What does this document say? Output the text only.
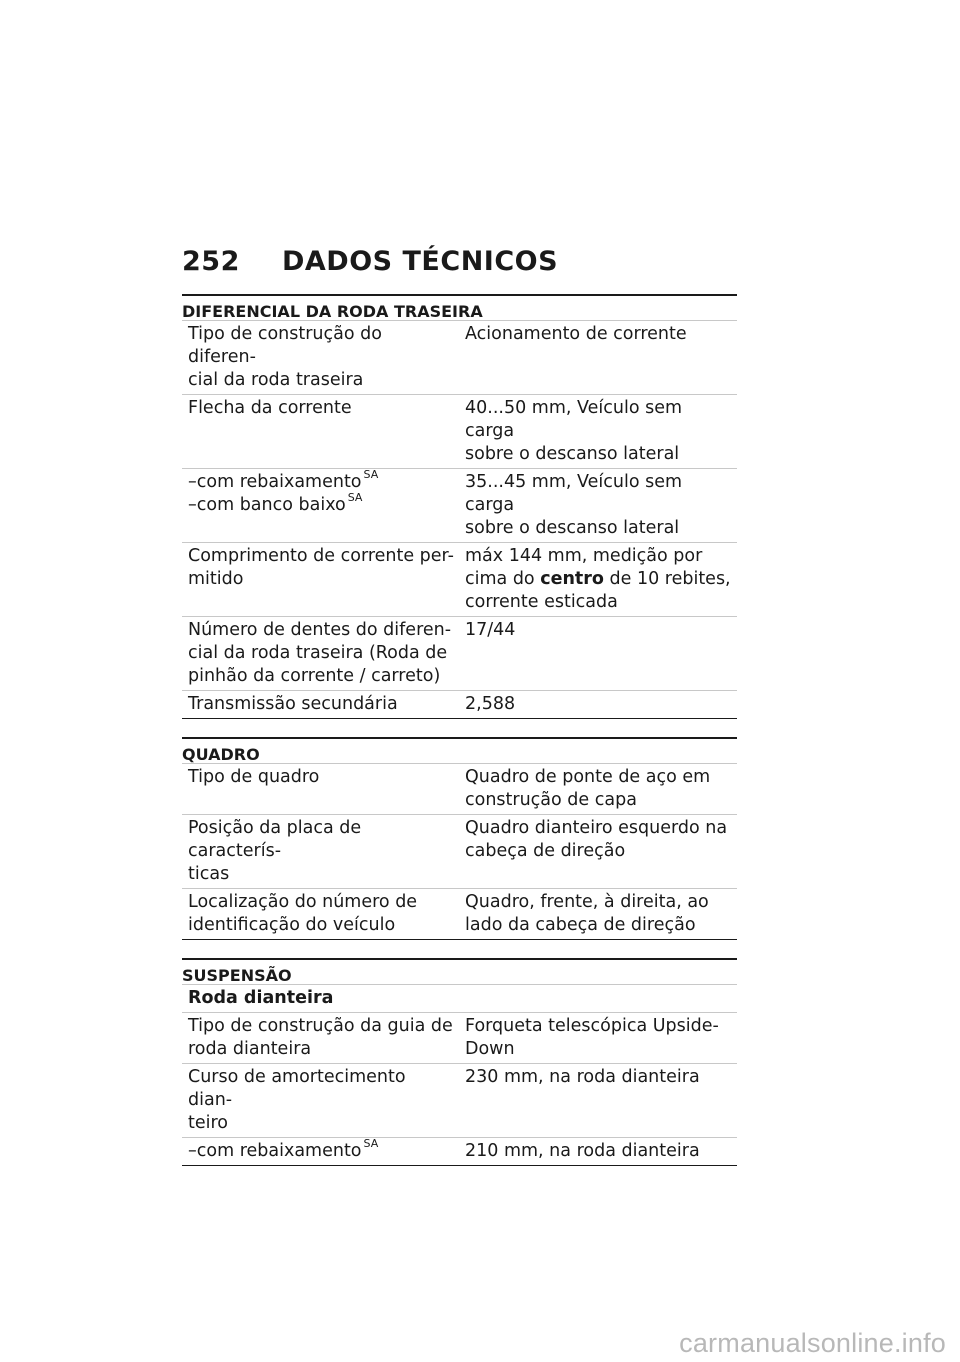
252	DADOS TÉCNICOS
DIFERENCIAL DA RODA TRASEIRA
Tipo de construção do diferen-
cial da roda traseira	Acionamento de corrente
Flecha da corrente	40...50 mm, Veículo sem carga
sobre o descanso lateral
–com rebaixamento $^{SA}$
–com banco baixo $^{SA}$	35...45 mm, Veículo sem carga
sobre o descanso lateral
Comprimento de corrente per-
mitido	máx 144 mm, medição por
cima do centro de 10 rebites,
corrente esticada
Número de dentes do diferen-
cial da roda traseira (Roda de
pinhão da corrente / carreto)	17/44
Transmissão secundária	2,588
QUADRO
Tipo de quadro	Quadro de ponte de aço em
construção de capa
Posição da placa de caracterís-
ticas	Quadro dianteiro esquerdo na
cabeça de direção
Localização do número de
identificação do veículo	Quadro, frente, à direita, ao
lado da cabeça de direção
SUSPENSÃO
Roda dianteira	
Tipo de construção da guia de
roda dianteira	Forqueta telescópica Upside-
Down
Curso de amortecimento dian-
teiro	230 mm, na roda dianteira
–com rebaixamento $^{SA}$	210 mm, na roda dianteira
carmanualsonline.info
